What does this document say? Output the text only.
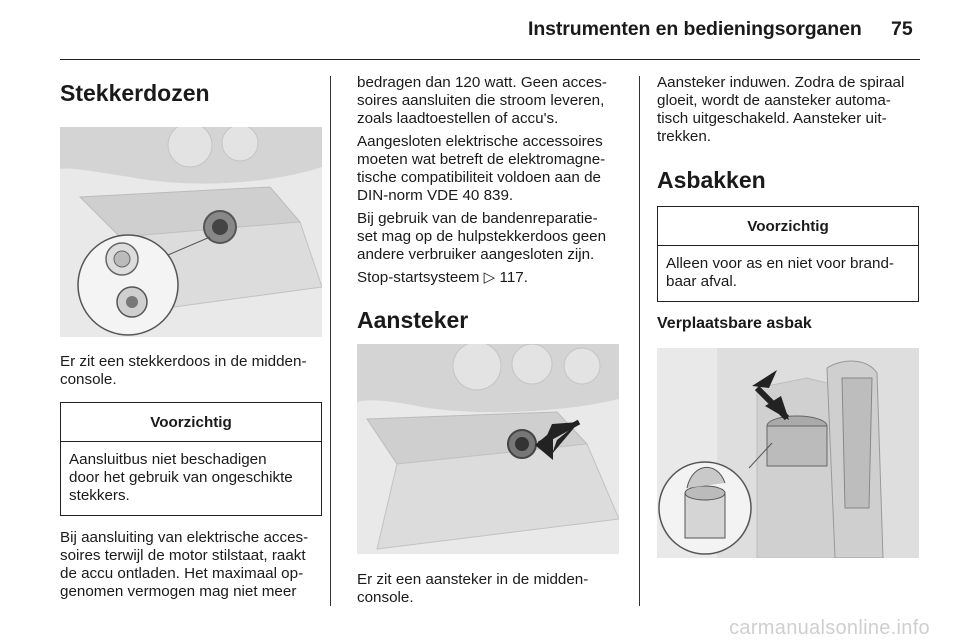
Instrumenten en bedieningsorganen 75
Stekkerdozen
Er zit een stekkerdoos in de midden-
console.
Voorzichtig
Aansluitbus niet beschadigen
door het gebruik van ongeschikte
stekkers.
Bij aansluiting van elektrische acces-
soires terwijl de motor stilstaat, raakt
de accu ontladen. Het maximaal op-
genomen vermogen mag niet meer
bedragen dan 120 watt. Geen acces-
soires aansluiten die stroom leveren,
zoals laadtoestellen of accu's.
Aangesloten elektrische accessoires
moeten wat betreft de elektromagne-
tische compatibiliteit voldoen aan de
DIN-norm VDE 40 839.
Bij gebruik van de bandenreparatie-
set mag op de hulpstekkerdoos geen
andere verbruiker aangesloten zijn.
Stop-startsysteem ▷ 117.
Aansteker
Er zit een aansteker in de midden-
console.
Aansteker induwen. Zodra de spiraal
gloeit, wordt de aansteker automa-
tisch uitgeschakeld. Aansteker uit-
trekken.
Asbakken
Voorzichtig
Alleen voor as en niet voor brand-
baar afval.
Verplaatsbare asbak
carmanualsonline.info
